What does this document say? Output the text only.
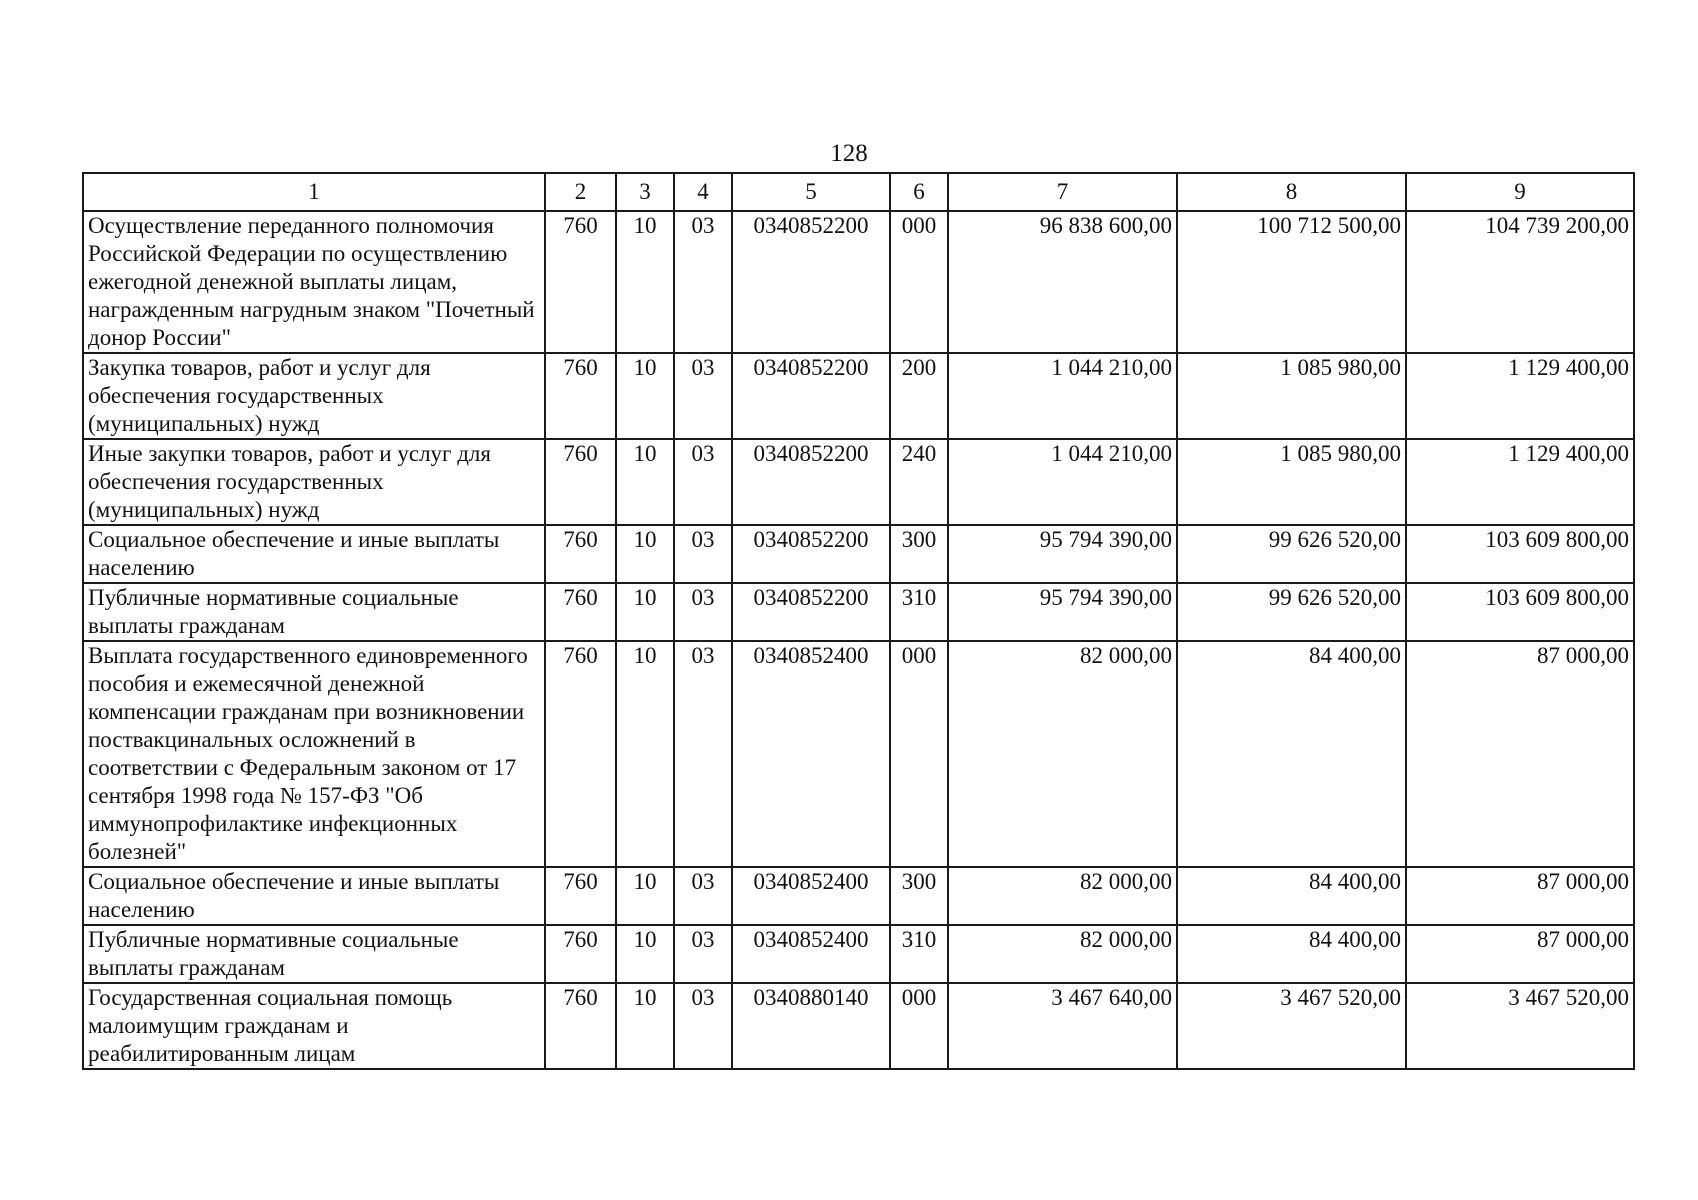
128
1	2	3	4	5	6	7	8	9
Осуществление переданного полномочия Российской Федерации по осуществлению ежегодной денежной выплаты лицам, награжденным нагрудным знаком "Почетный донор России"	760	10	03	0340852200	000	96 838 600,00	100 712 500,00	104 739 200,00
Закупка товаров, работ и услуг для обеспечения государственных (муниципальных) нужд	760	10	03	0340852200	200	1 044 210,00	1 085 980,00	1 129 400,00
Иные закупки товаров, работ и услуг для обеспечения государственных (муниципальных) нужд	760	10	03	0340852200	240	1 044 210,00	1 085 980,00	1 129 400,00
Социальное обеспечение и иные выплаты населению	760	10	03	0340852200	300	95 794 390,00	99 626 520,00	103 609 800,00
Публичные нормативные социальные выплаты гражданам	760	10	03	0340852200	310	95 794 390,00	99 626 520,00	103 609 800,00
Выплата государственного единовременного пособия и ежемесячной денежной компенсации гражданам при возникновении поствакцинальных осложнений в соответствии с Федеральным законом от 17 сентября 1998 года № 157-ФЗ "Об иммунопрофилактике инфекционных болезней"	760	10	03	0340852400	000	82 000,00	84 400,00	87 000,00
Социальное обеспечение и иные выплаты населению	760	10	03	0340852400	300	82 000,00	84 400,00	87 000,00
Публичные нормативные социальные выплаты гражданам	760	10	03	0340852400	310	82 000,00	84 400,00	87 000,00
Государственная социальная помощь малоимущим гражданам и реабилитированным лицам	760	10	03	0340880140	000	3 467 640,00	3 467 520,00	3 467 520,00
